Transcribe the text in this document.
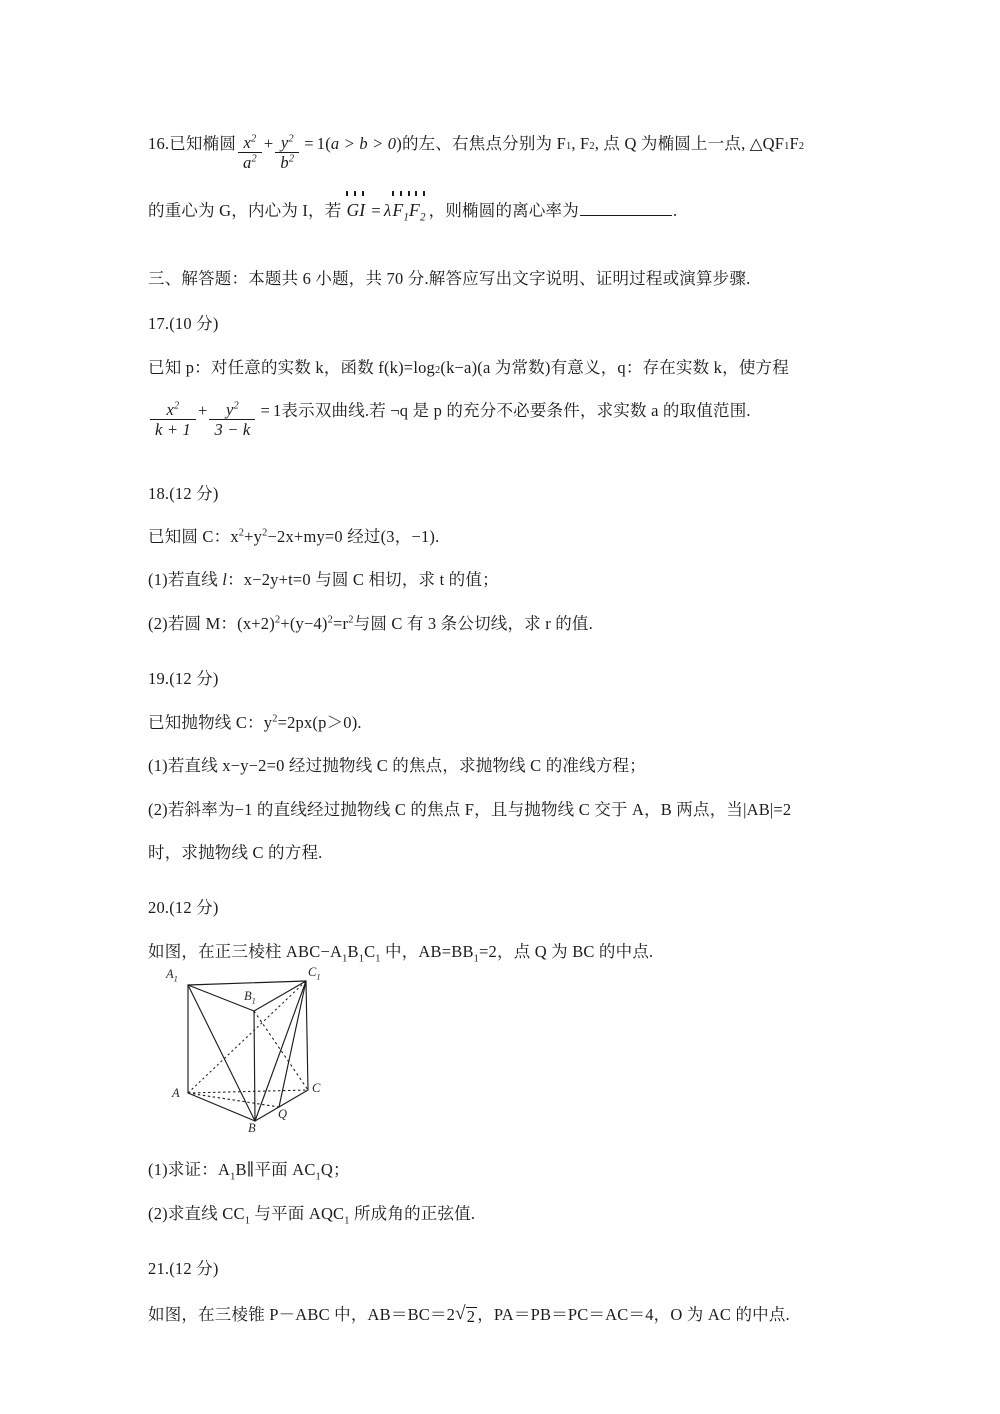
16. 已知椭圆 $\frac{x^2}{a^2} + \frac{y^2}{b^2} = 1$( a > b > 0 ) 的左、右焦点分别为 F 1 , F 2 , 点 Q 为椭圆上一点, △QF 1 F 2
的重心为 G，内心为 I，若 GI = λ $F_1F_2$ ，则椭圆的离心率为	.
三、解答题：本题共 6 小题，共 70 分.解答应写出文字说明、证明过程或演算步骤.
17.(10 分)
已知 p：对任意的实数 k，函数 f(k)=log 2 (k−a)(a 为常数)有意义，q：存在实数 k，使方程
$\frac{x^2}{k + 1} + \frac{y^2}{3 - k} = 1$ 表示双曲线.若 ¬q 是 p 的充分不必要条件，求实数 a 的取值范围.
18.(12 分)
已知圆 C：$x^2+y^2-2x+my=0$ 经过(3，−1).
(1)若直线 l：x−2y+t=0 与圆 C 相切，求 t 的值；
(2)若圆 M：$(x+2)^2+(y-4)^2=r^2$与圆 C 有 3 条公切线，求 r 的值.
19.(12 分)
已知抛物线 C：$y^2=2px(p>0)$.
(1)若直线 x−y−2=0 经过抛物线 C 的焦点，求抛物线 C 的准线方程；
(2)若斜率为−1 的直线经过抛物线 C 的焦点 F，且与抛物线 C 交于 A，B 两点，当|AB|=2
时，求抛物线 C 的方程.
20.(12 分)
如图，在正三棱柱 $ABC-A_1B_1C_1$ 中，$AB=BB_1=2$，点 Q 为 BC 的中点.
$A_1$
$B_1$
$C_1$
A
B
C
Q
(1)求证：$A_1B\parallel$平面 $AC_1Q$；
(2)求直线 $CC_1$ 与平面 $AQC_1$ 所成角的正弦值.
21.(12 分)
如图，在三棱锥 P－ABC 中，AB＝BC＝2 √ 2 ，PA＝PB＝PC＝AC＝4，O 为 AC 的中点.
